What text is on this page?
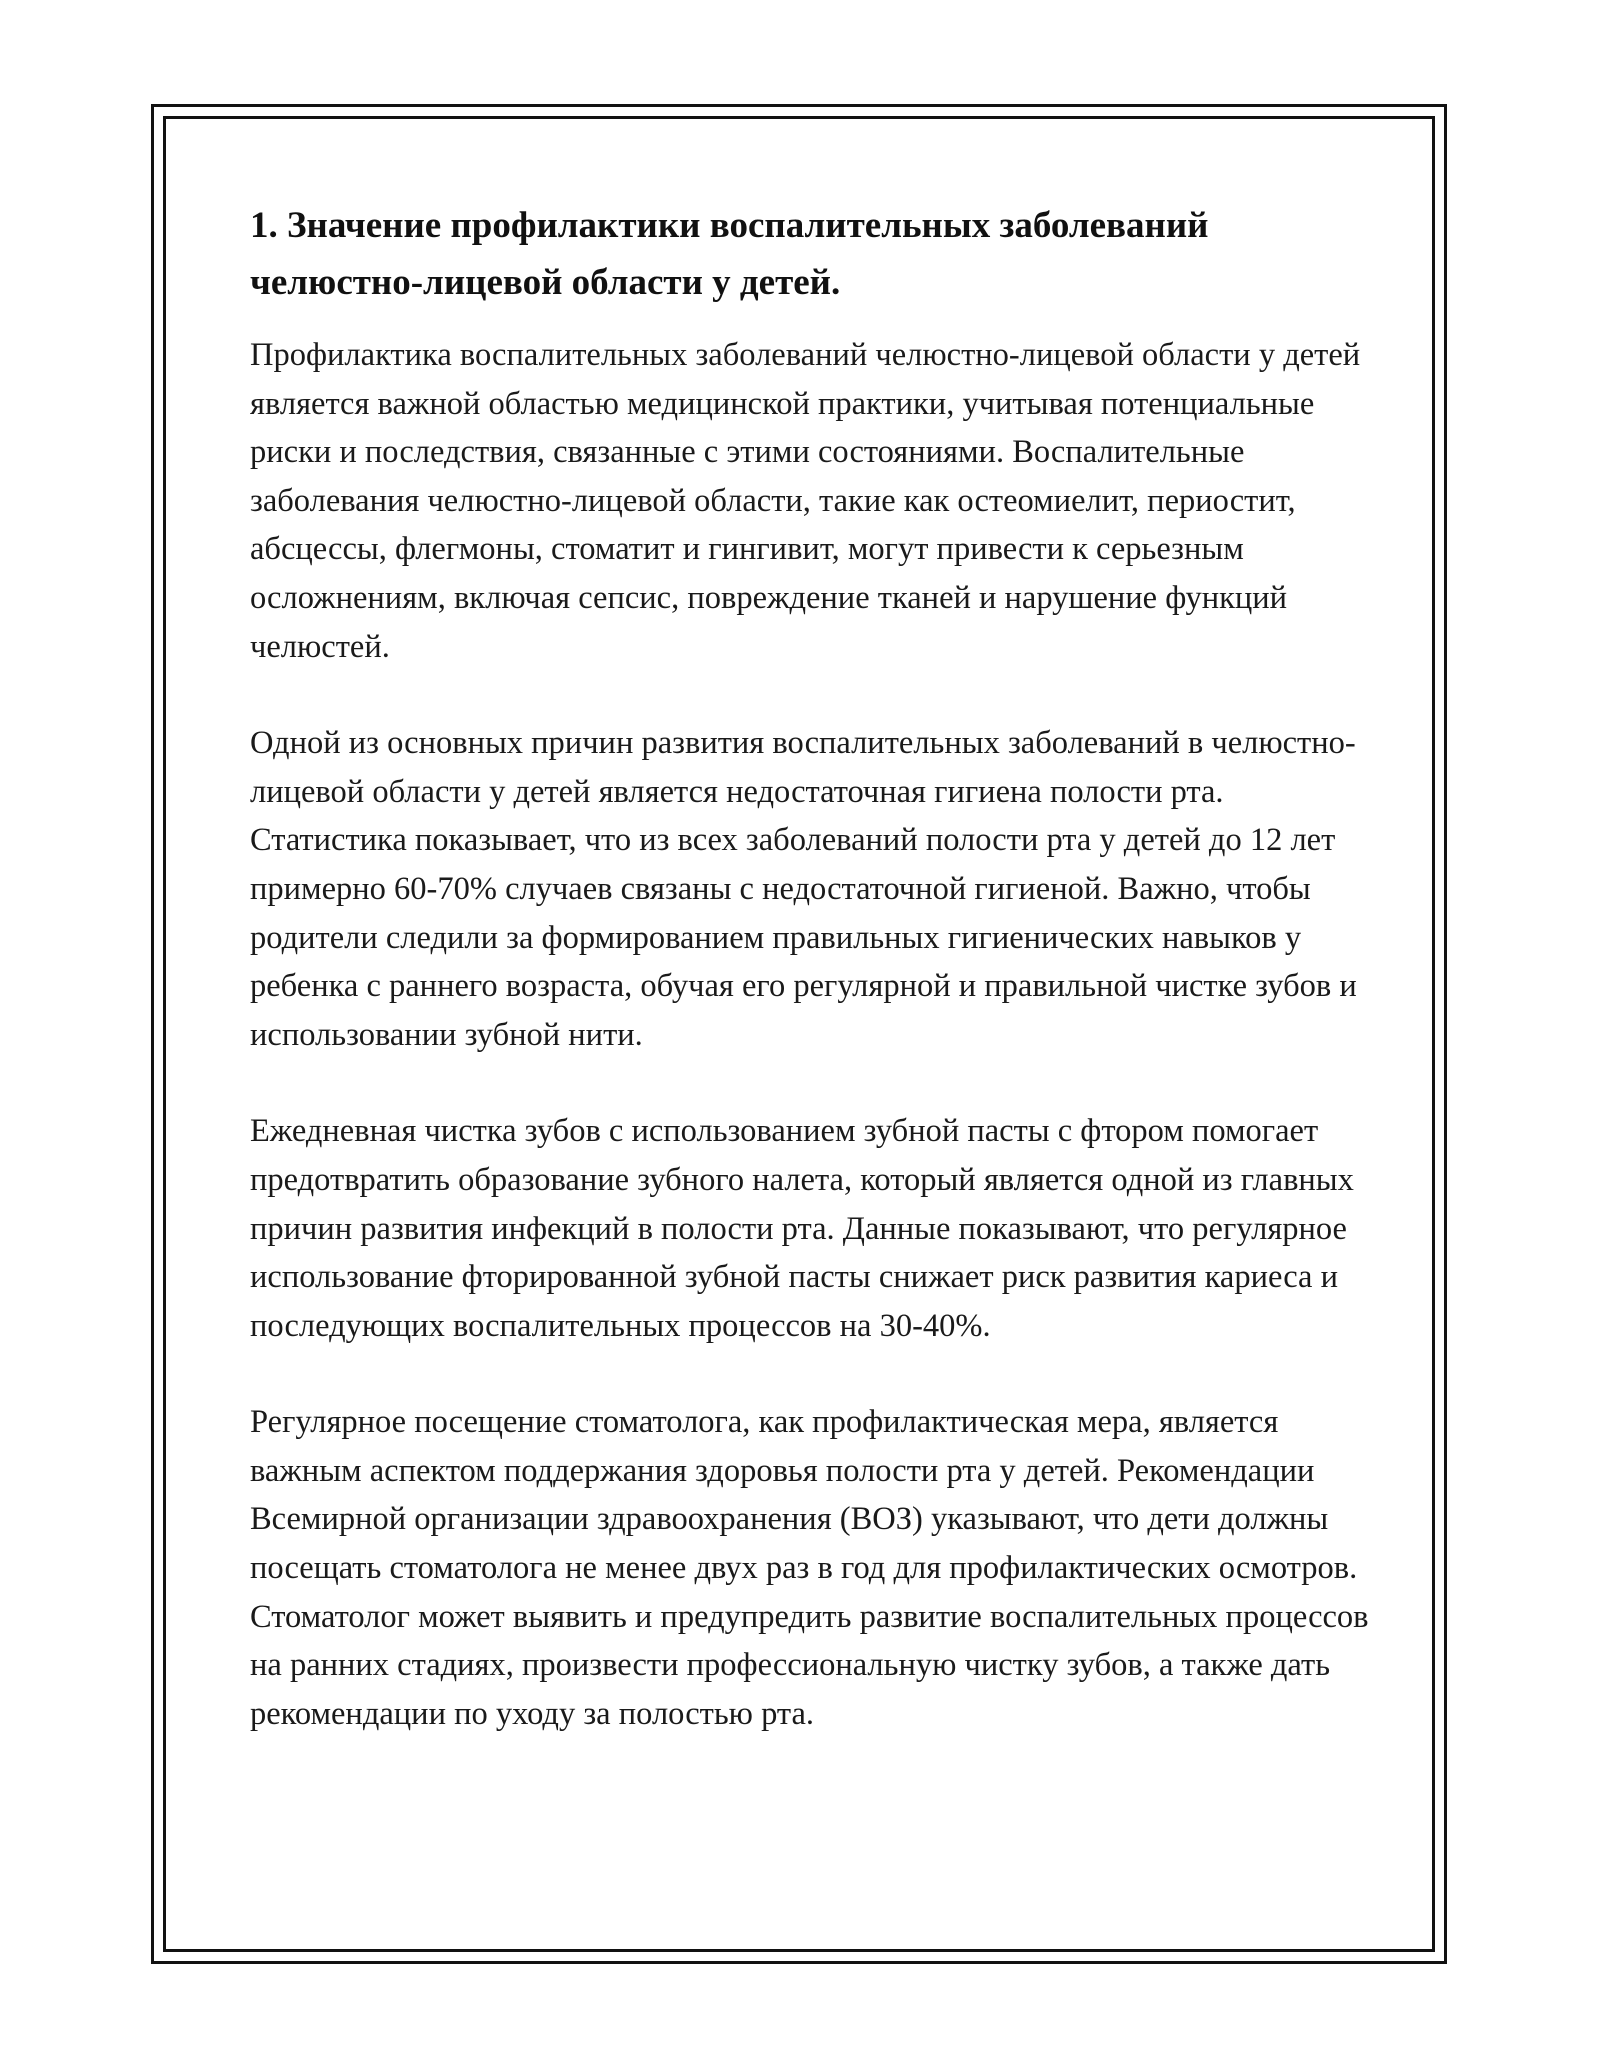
1. Значение профилактики воспалительных заболеваний челюстно-лицевой области у детей.

Профилактика воспалительных заболеваний челюстно-лицевой области у детей является важной областью медицинской практики, учитывая потенциальные риски и последствия, связанные с этими состояниями. Воспалительные заболевания челюстно-лицевой области, такие как остеомиелит, периостит, абсцессы, флегмоны, стоматит и гингивит, могут привести к серьезным осложнениям, включая сепсис, повреждение тканей и нарушение функций челюстей.

Одной из основных причин развития воспалительных заболеваний в челюстно-лицевой области у детей является недостаточная гигиена полости рта. Статистика показывает, что из всех заболеваний полости рта у детей до 12 лет примерно 60-70% случаев связаны с недостаточной гигиеной. Важно, чтобы родители следили за формированием правильных гигиенических навыков у ребенка с раннего возраста, обучая его регулярной и правильной чистке зубов и использовании зубной нити.

Ежедневная чистка зубов с использованием зубной пасты с фтором помогает предотвратить образование зубного налета, который является одной из главных причин развития инфекций в полости рта. Данные показывают, что регулярное использование фторированной зубной пасты снижает риск развития кариеса и последующих воспалительных процессов на 30-40%.

Регулярное посещение стоматолога, как профилактическая мера, является важным аспектом поддержания здоровья полости рта у детей. Рекомендации Всемирной организации здравоохранения (ВОЗ) указывают, что дети должны посещать стоматолога не менее двух раз в год для профилактических осмотров. Стоматолог может выявить и предупредить развитие воспалительных процессов на ранних стадиях, произвести профессиональную чистку зубов, а также дать рекомендации по уходу за полостью рта.
